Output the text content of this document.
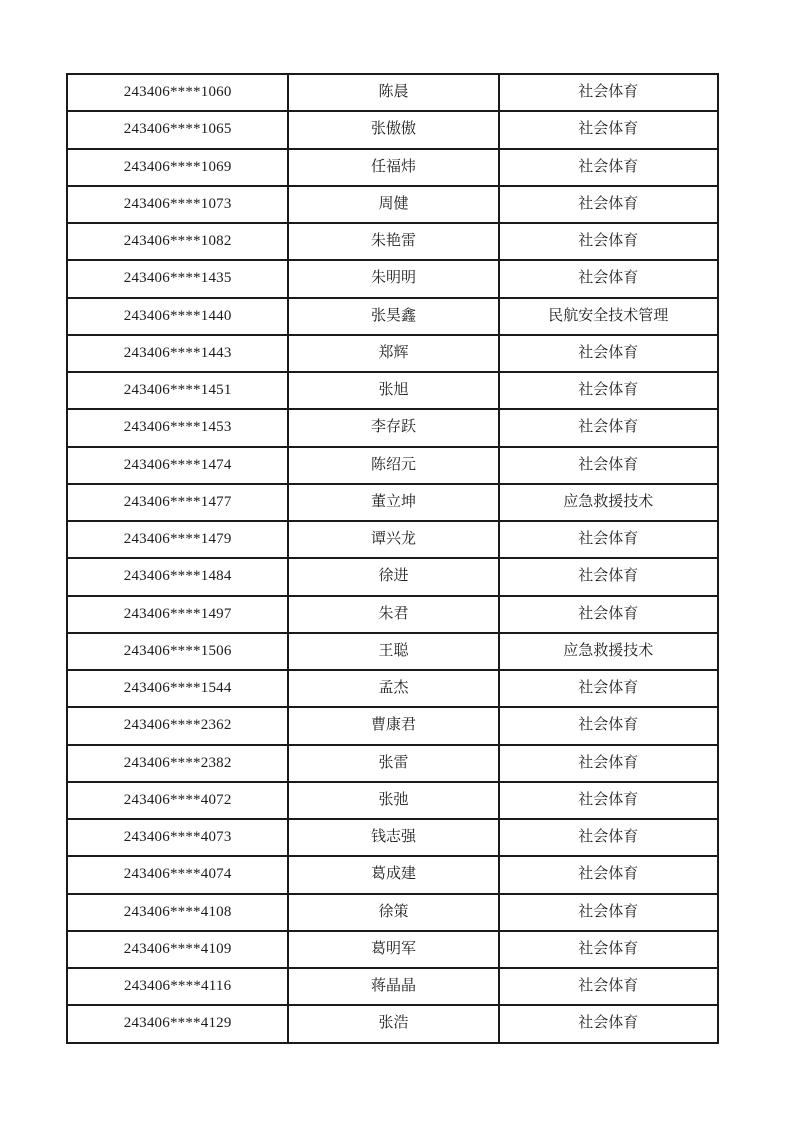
243406****1060	陈晨	社会体育
243406****1065	张傲傲	社会体育
243406****1069	任福炜	社会体育
243406****1073	周健	社会体育
243406****1082	朱艳雷	社会体育
243406****1435	朱明明	社会体育
243406****1440	张昊鑫	民航安全技术管理
243406****1443	郑辉	社会体育
243406****1451	张旭	社会体育
243406****1453	李存跃	社会体育
243406****1474	陈绍元	社会体育
243406****1477	董立坤	应急救援技术
243406****1479	谭兴龙	社会体育
243406****1484	徐进	社会体育
243406****1497	朱君	社会体育
243406****1506	王聪	应急救援技术
243406****1544	孟杰	社会体育
243406****2362	曹康君	社会体育
243406****2382	张雷	社会体育
243406****4072	张弛	社会体育
243406****4073	钱志强	社会体育
243406****4074	葛成建	社会体育
243406****4108	徐策	社会体育
243406****4109	葛明军	社会体育
243406****4116	蒋晶晶	社会体育
243406****4129	张浩	社会体育
